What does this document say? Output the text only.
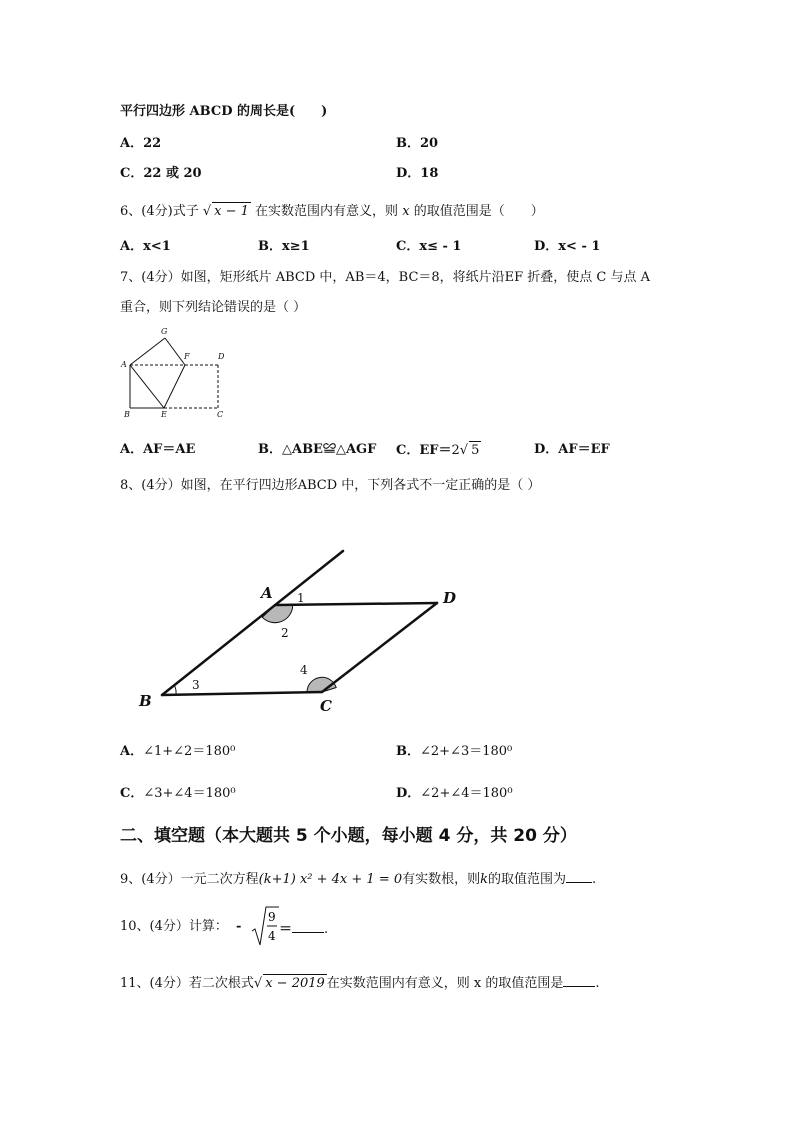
平行四边形 ABCD 的周长是(　　)
A．22	B．20
C．22 或 20	D．18
6、(4分)式子 √ x − 1 在实数范围内有意义，则 x 的取值范围是（　　）
A．x<1	B．x≥1	C．x≤ - 1	D．x< - 1
7、(4分）如图，矩形纸片 ABCD 中，AB＝4，BC＝8，将纸片沿EF 折叠，使点 C 与点 A
重合，则下列结论错误的是（ ）
G
A
F	D
B	E	C
A．AF＝AE	B．△ABE≌△AGF C．EF＝2√ 5	D．AF＝EF
8、(4分）如图，在平行四边形ABCD 中，下列各式不一定正确的是（ ）
A	D
B	C
1
2
3
4
A．∠1+∠2＝180⁰	B．∠2+∠3＝180⁰
C．∠3+∠4＝180⁰	D．∠2+∠4＝180⁰
二、填空题（本大题共 5 个小题，每小题 4 分，共 20 分）
9、(4分）一元二次方程(k+1) x² + 4x + 1 = 0有实数根，则k的取值范围为 .
10、(4分）计算： -
9
4 ＝ .
11、(4分）若二次根式√ x − 2019 在实数范围内有意义，则 x 的取值范围是 .
